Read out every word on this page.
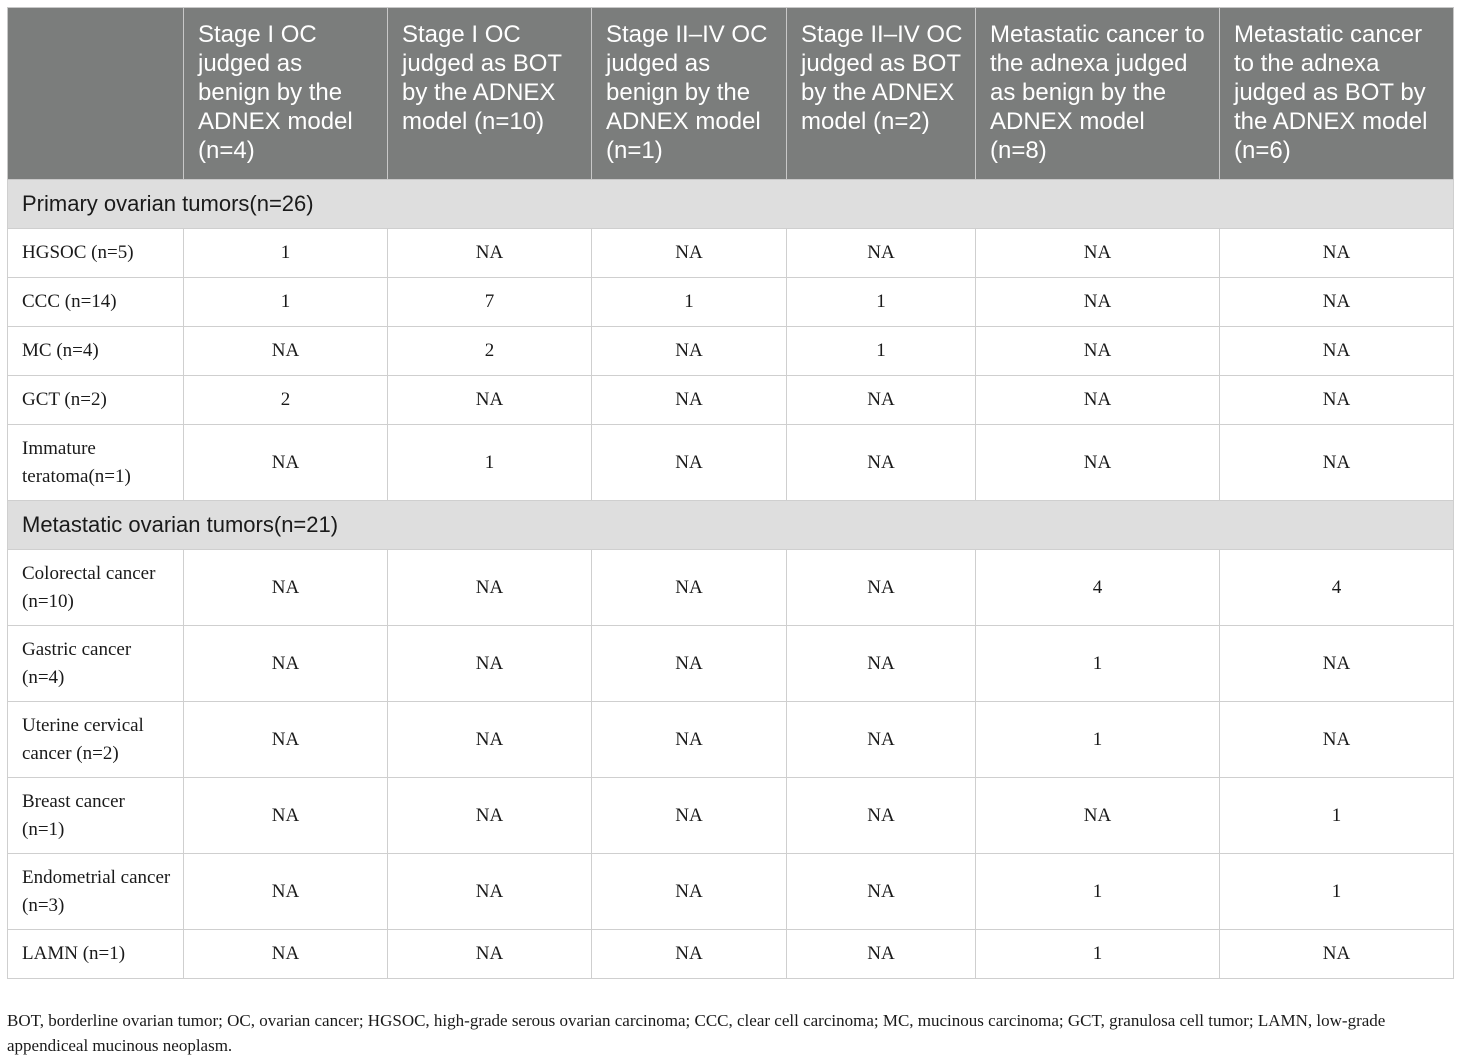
	Stage I OC judged as benign by the ADNEX model (n=4)	Stage I OC judged as BOT by the ADNEX model (n=10)	Stage II–IV OC judged as benign by the ADNEX model (n=1)	Stage II–IV OC judged as BOT by the ADNEX model (n=2)	Metastatic cancer to the adnexa judged as benign by the ADNEX model (n=8)	Metastatic cancer to the adnexa judged as BOT by the ADNEX model (n=6)
Primary ovarian tumors(n=26)						
HGSOC (n=5)	1	NA	NA	NA	NA	NA
CCC (n=14)	1	7	1	1	NA	NA
MC (n=4)	NA	2	NA	1	NA	NA
GCT (n=2)	2	NA	NA	NA	NA	NA
Immature teratoma(n=1)	NA	1	NA	NA	NA	NA
Metastatic ovarian tumors(n=21)						
Colorectal cancer (n=10)	NA	NA	NA	NA	4	4
Gastric cancer (n=4)	NA	NA	NA	NA	1	NA
Uterine cervical cancer (n=2)	NA	NA	NA	NA	1	NA
Breast cancer (n=1)	NA	NA	NA	NA	NA	1
Endometrial cancer (n=3)	NA	NA	NA	NA	1	1
LAMN (n=1)	NA	NA	NA	NA	1	NA
BOT, borderline ovarian tumor; OC, ovarian cancer; HGSOC, high-grade serous ovarian carcinoma; CCC, clear cell carcinoma; MC, mucinous carcinoma; GCT, granulosa cell tumor; LAMN, low-grade appendiceal mucinous neoplasm.
